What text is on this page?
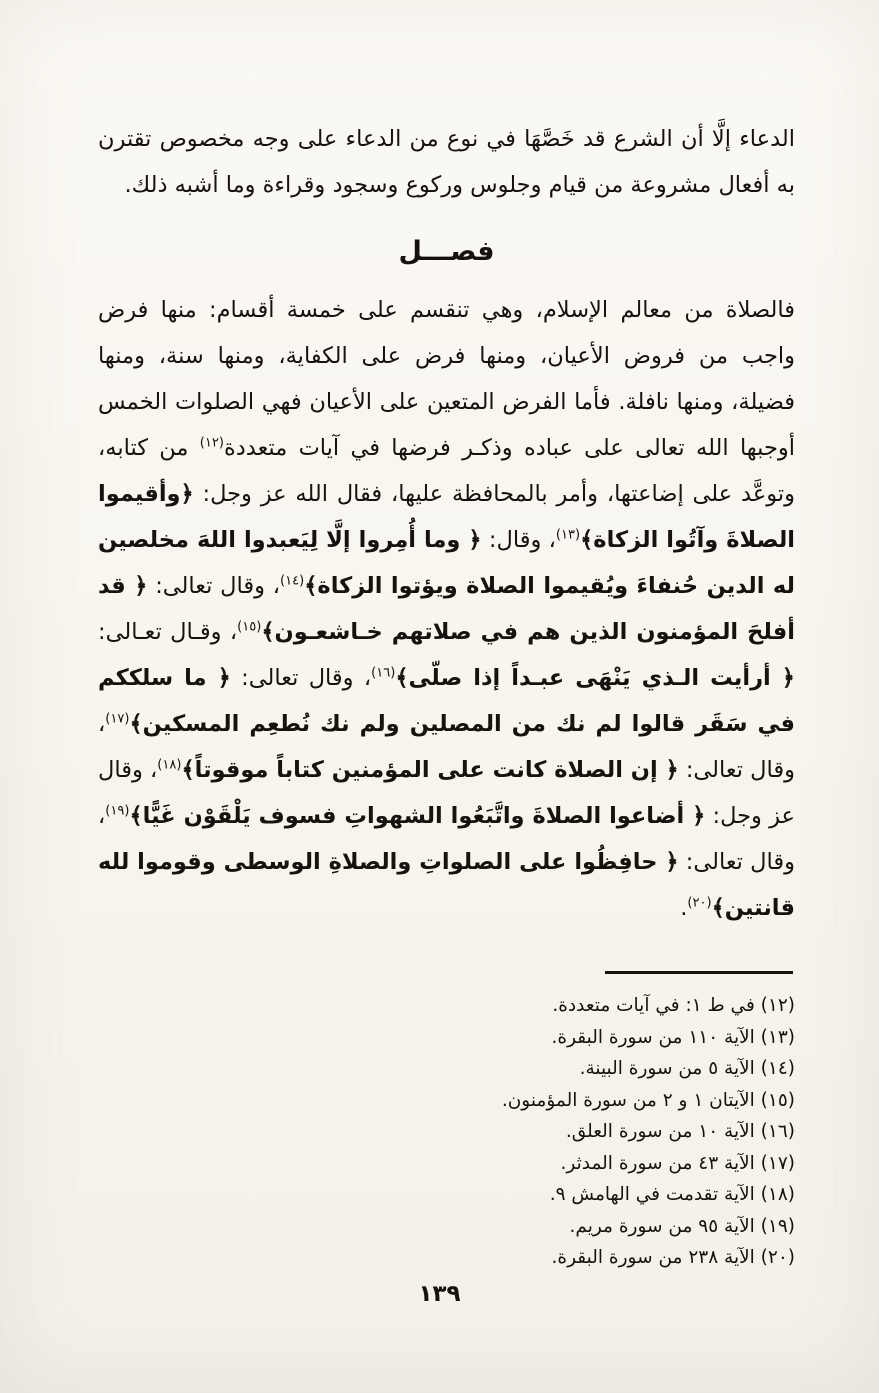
الدعاء إلَّا أن الشرع قد خَصَّهَا في نوع من الدعاء على وجه مخصوص تقترن به أفعال مشروعة من قيام وجلوس وركوع وسجود وقراءة وما أشبه ذلك.

فصـــل

فالصلاة من معالم الإسلام، وهي تنقسم على خمسة أقسام: منها فرض واجب من فروض الأعيان، ومنها فرض على الكفاية، ومنها سنة، ومنها فضيلة، ومنها نافلة. فأما الفرض المتعين على الأعيان فهي الصلوات الخمس أوجبها الله تعالى على عباده وذكـر فرضها في آيات متعددة$^{(١٢)}$ من كتابه، وتوعَّد على إضاعتها، وأمر بالمحافظة عليها، فقال الله عز وجل: ﴿وأقيموا الصلاةَ وآتُوا الزكاة﴾$^{(١٣)}$، وقال: ﴿ وما أُمِروا إلَّا لِيَعبدوا اللهَ مخلصين له الدين حُنفاءَ ويُقيموا الصلاة ويؤتوا الزكاة﴾$^{(١٤)}$، وقال تعالى: ﴿ قد أفلحَ المؤمنون الذين هم في صلاتهم خـاشعـون﴾$^{(١٥)}$، وقـال تعـالى: ﴿ أرأيت الـذي يَنْهَى عبـداً إذا صلّى﴾$^{(١٦)}$، وقال تعالى: ﴿ ما سلككم في سَقَر قالوا لم نك من المصلين ولم نك نُطعِم المسكين﴾$^{(١٧)}$، وقال تعالى: ﴿ إن الصلاة كانت على المؤمنين كتاباً موقوتاً﴾$^{(١٨)}$، وقال عز وجل: ﴿ أضاعوا الصلاةَ واتَّبَعُوا الشهواتِ فسوف يَلْقَوْن غَيًّا﴾$^{(١٩)}$، وقال تعالى: ﴿ حافِظُوا على الصلواتِ والصلاةِ الوسطى وقوموا لله قانتين﴾$^{(٢٠)}$.

(١٢) في ط ١: في آيات متعددة.
(١٣) الآية ١١٠ من سورة البقرة.
(١٤) الآية ٥ من سورة البينة.
(١٥) الآيتان ١ و ٢ من سورة المؤمنون.
(١٦) الآية ١٠ من سورة العلق.
(١٧) الآية ٤٣ من سورة المدثر.
(١٨) الآية تقدمت في الهامش ٩.
(١٩) الآية ٩٥ من سورة مريم.
(٢٠) الآية ٢٣٨ من سورة البقرة.
١٣٩
